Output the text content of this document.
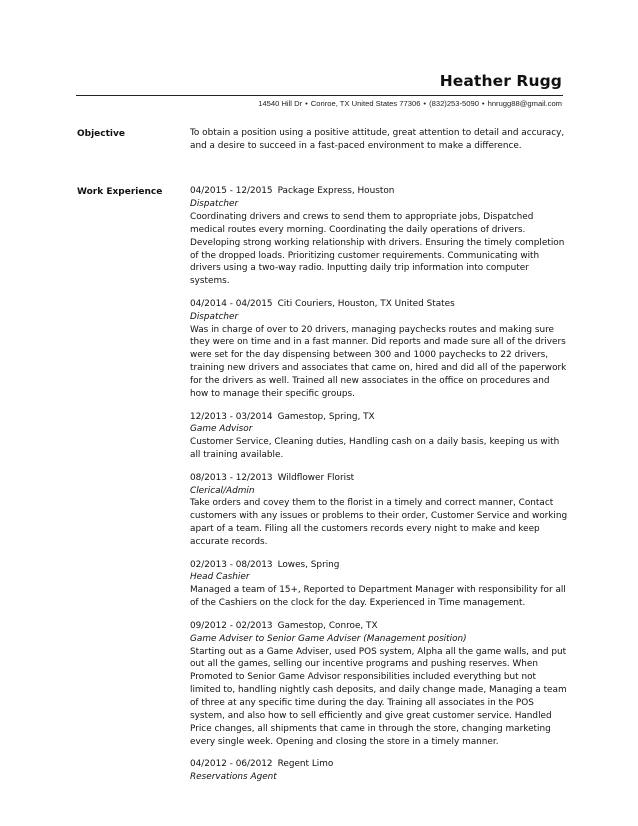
Heather Rugg
14540 Hill Dr • Conroe, TX United States 77306 • (832)253-5090 • hnrugg88@gmail.com
Objective	To obtain a position using a positive attitude, great attention to detail and accuracy, and a desire to succeed in a fast-paced environment to make a difference.

Work Experience	04/2015 - 12/2015 Package Express, Houston
Dispatcher

Coordinating drivers and crews to send them to appropriate jobs, Dispatched medical routes every morning. Coordinating the daily operations of drivers. Developing strong working relationship with drivers. Ensuring the timely completion of the dropped loads. Prioritizing customer requirements. Communicating with drivers using a two-way radio. Inputting daily trip information into computer systems.

04/2014 - 04/2015 Citi Couriers, Houston, TX United States
Dispatcher

Was in charge of over to 20 drivers, managing paychecks routes and making sure they were on time and in a fast manner. Did reports and made sure all of the drivers were set for the day dispensing between 300 and 1000 paychecks to 22 drivers, training new drivers and associates that came on, hired and did all of the paperwork for the drivers as well. Trained all new associates in the office on procedures and how to manage their specific groups.

12/2013 - 03/2014 Gamestop, Spring, TX
Game Advisor

Customer Service, Cleaning duties, Handling cash on a daily basis, keeping us with all training available.

08/2013 - 12/2013 Wildflower Florist
Clerical/Admin

Take orders and covey them to the florist in a timely and correct manner, Contact customers with any issues or problems to their order, Customer Service and working apart of a team. Filing all the customers records every night to make and keep accurate records.

02/2013 - 08/2013 Lowes, Spring
Head Cashier

Managed a team of 15+, Reported to Department Manager with responsibility for all of the Cashiers on the clock for the day. Experienced in Time management.

09/2012 - 02/2013 Gamestop, Conroe, TX
Game Adviser to Senior Game Adviser (Management position)

Starting out as a Game Adviser, used POS system, Alpha all the game walls, and put out all the games, selling our incentive programs and pushing reserves. When Promoted to Senior Game Advisor responsibilities included everything but not limited to, handling nightly cash deposits, and daily change made, Managing a team of three at any specific time during the day. Training all associates in the POS system, and also how to sell efficiently and give great customer service. Handled Price changes, all shipments that came in through the store, changing marketing every single week. Opening and closing the store in a timely manner.

04/2012 - 06/2012 Regent Limo
Reservations Agent
